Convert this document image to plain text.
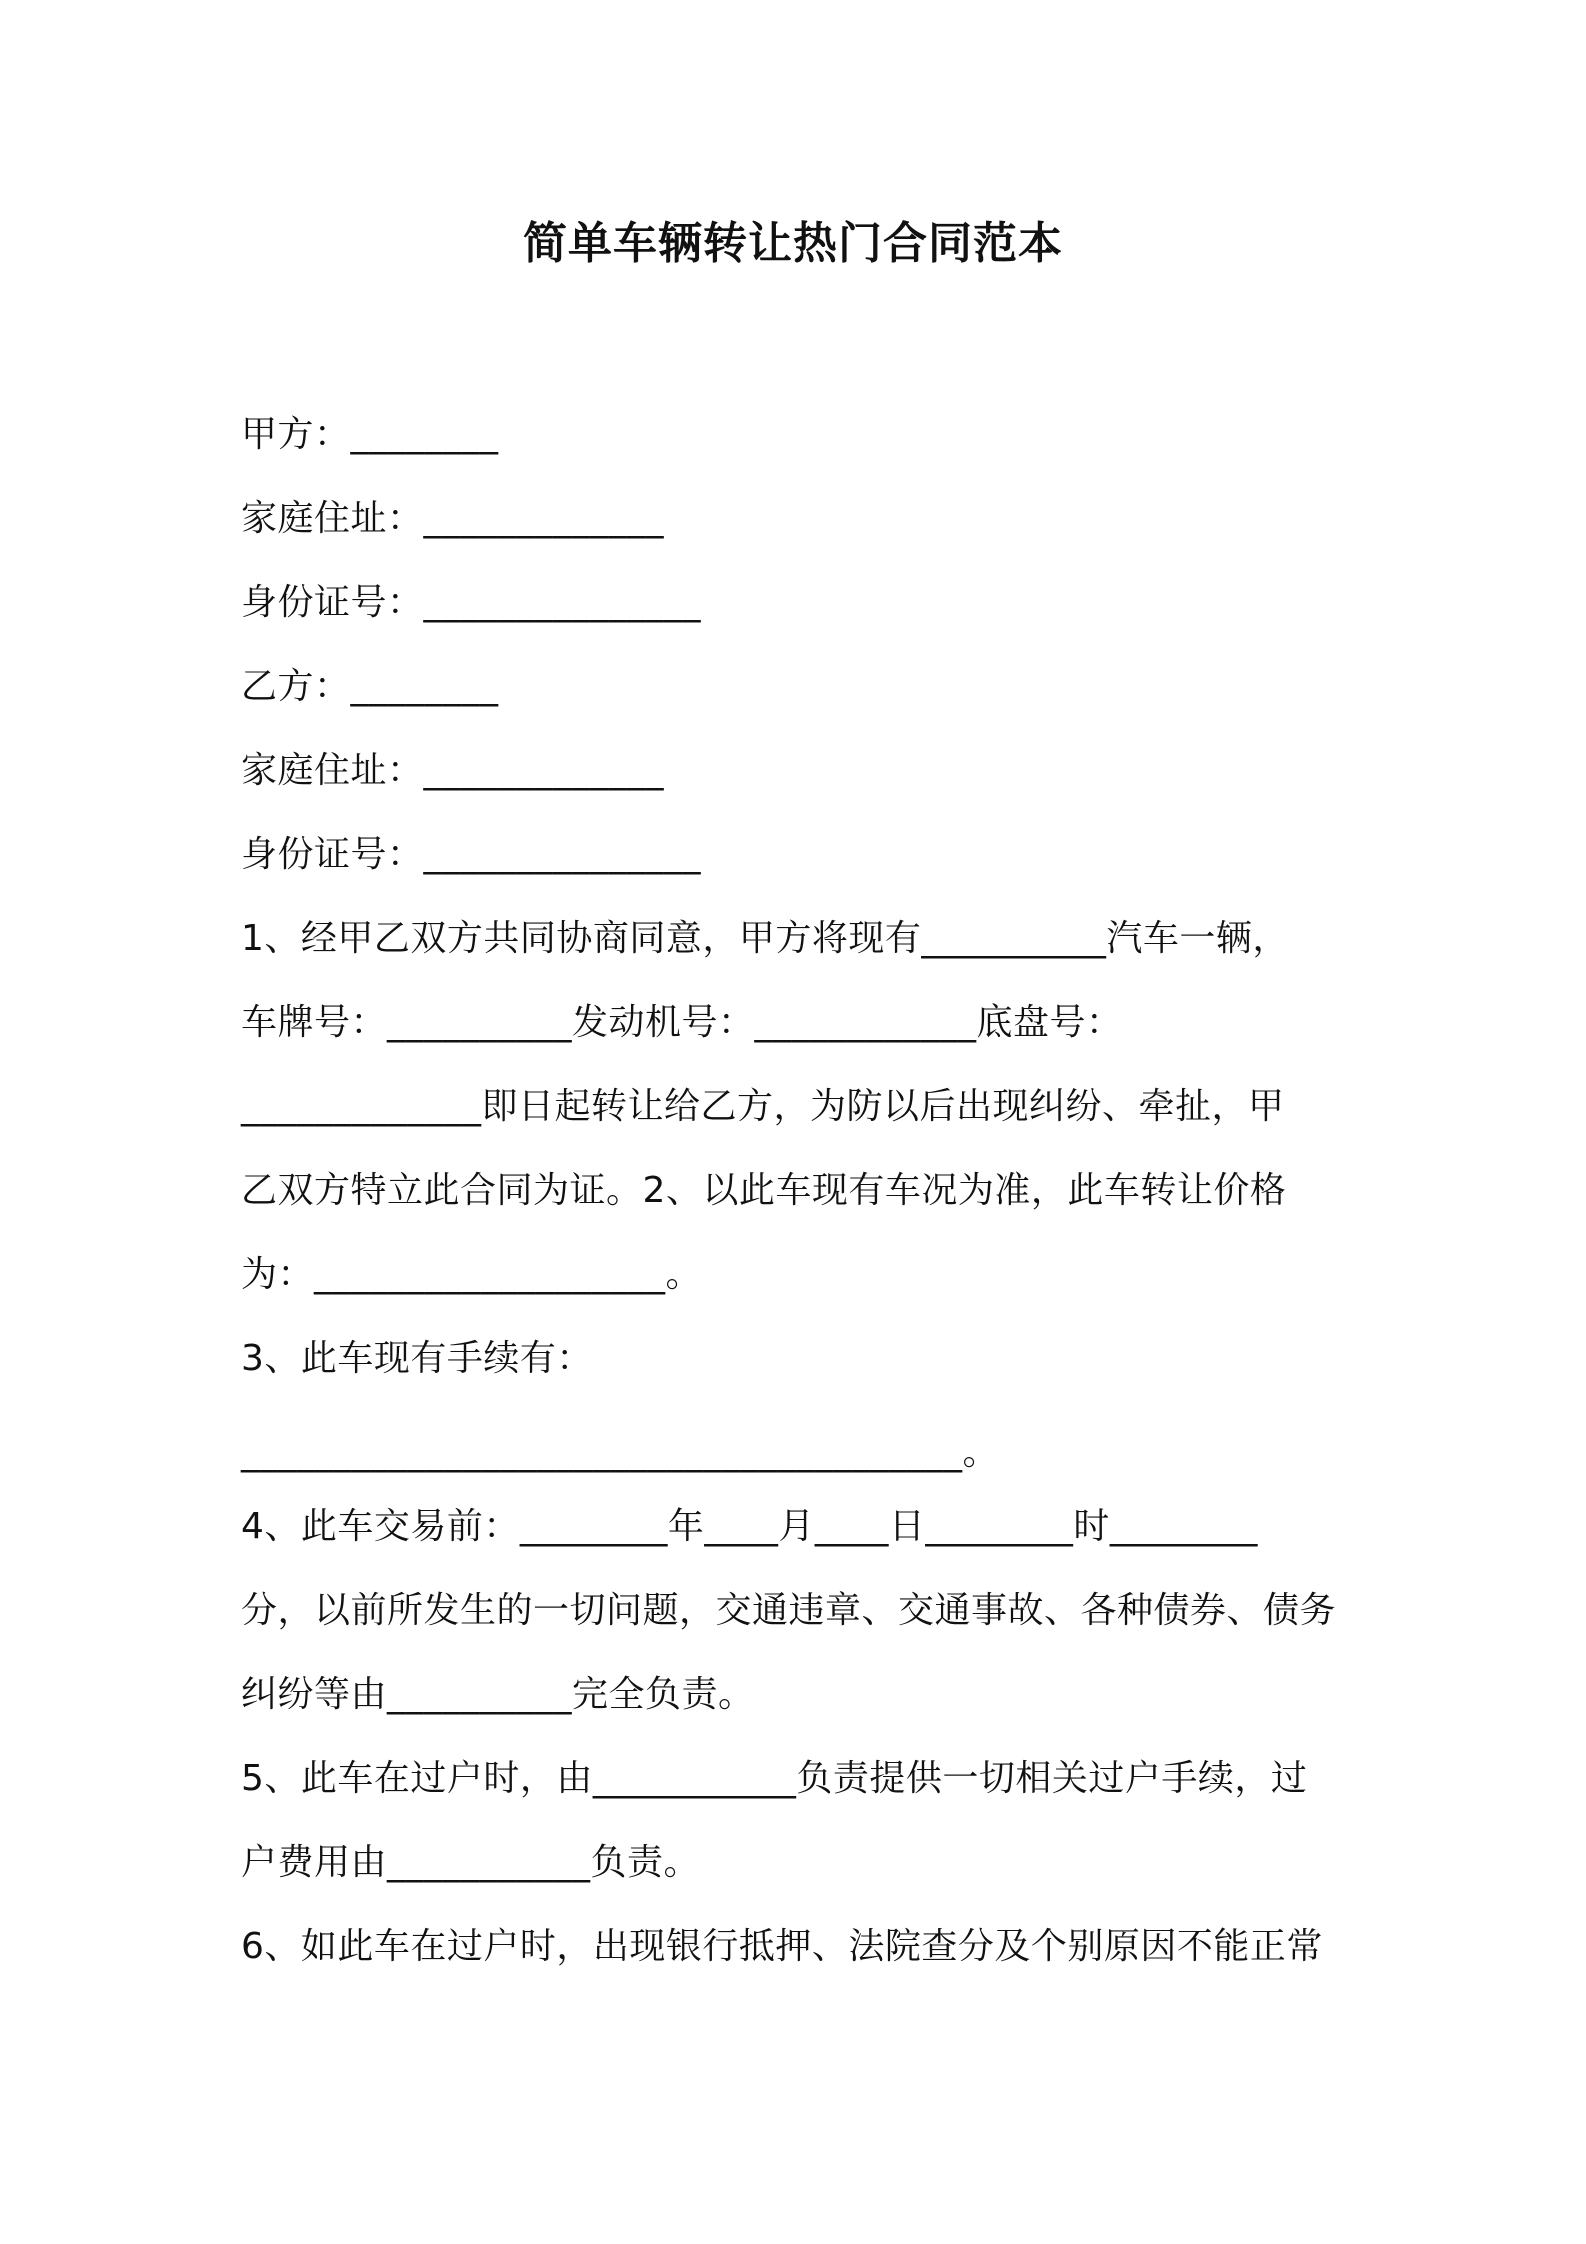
简单车辆转让热门合同范本
甲方：________
家庭住址：_____________
身份证号：_______________
乙方：________
家庭住址：_____________
身份证号：_______________
1、经甲乙双方共同协商同意，甲方将现有__________汽车一辆，
车牌号：__________发动机号：____________底盘号：
_____________即日起转让给乙方，为防以后出现纠纷、牵扯，甲
乙双方特立此合同为证。2、以此车现有车况为准，此车转让价格
为：___________________。
3、此车现有手续有：
_______________________________________。
4、此车交易前：________年____月____日________时________
分，以前所发生的一切问题，交通违章、交通事故、各种债券、债务
纠纷等由__________完全负责。
5、此车在过户时，由___________负责提供一切相关过户手续，过
户费用由___________负责。
6、如此车在过户时，出现银行抵押、法院查分及个别原因不能正常
